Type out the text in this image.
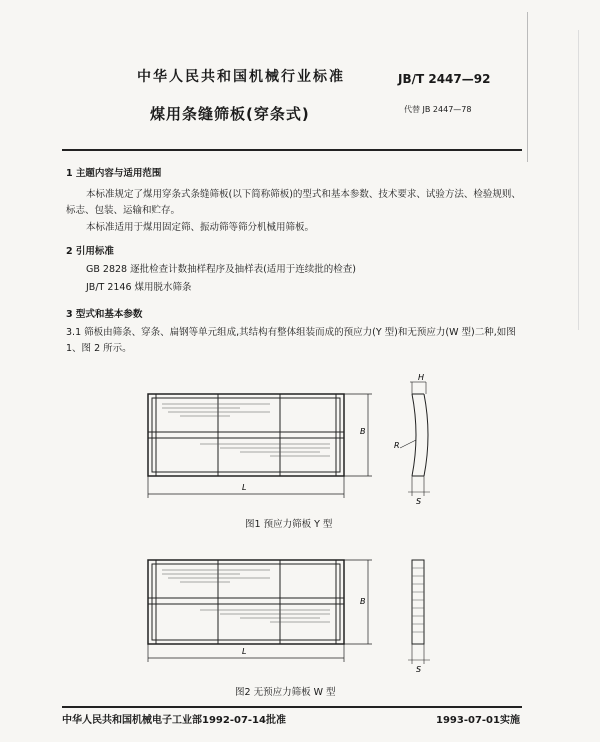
中华人民共和国机械行业标准	JB/T 2447—92
煤用条缝筛板(穿条式)	代替 JB 2447—78
1 主题内容与适用范围
本标准规定了煤用穿条式条缝筛板(以下简称筛板)的型式和基本参数、技术要求、试验方法、检验规则、标志、包装、运输和贮存。
本标准适用于煤用固定筛、振动筛等筛分机械用筛板。
2 引用标准
GB 2828 逐批检查计数抽样程序及抽样表(适用于连续批的检查)
JB/T 2146 煤用脱水筛条
3 型式和基本参数
3.1 筛板由筛条、穿条、扁钢等单元组成,其结构有整体组装而成的预应力(Y 型)和无预应力(W 型)二种,如图 1、图 2 所示。
L
B
H
R
S
图1 预应力筛板 Y 型
L
B
S
图2 无预应力筛板 W 型
中华人民共和国机械电子工业部1992-07-14批准	1993-07-01实施
